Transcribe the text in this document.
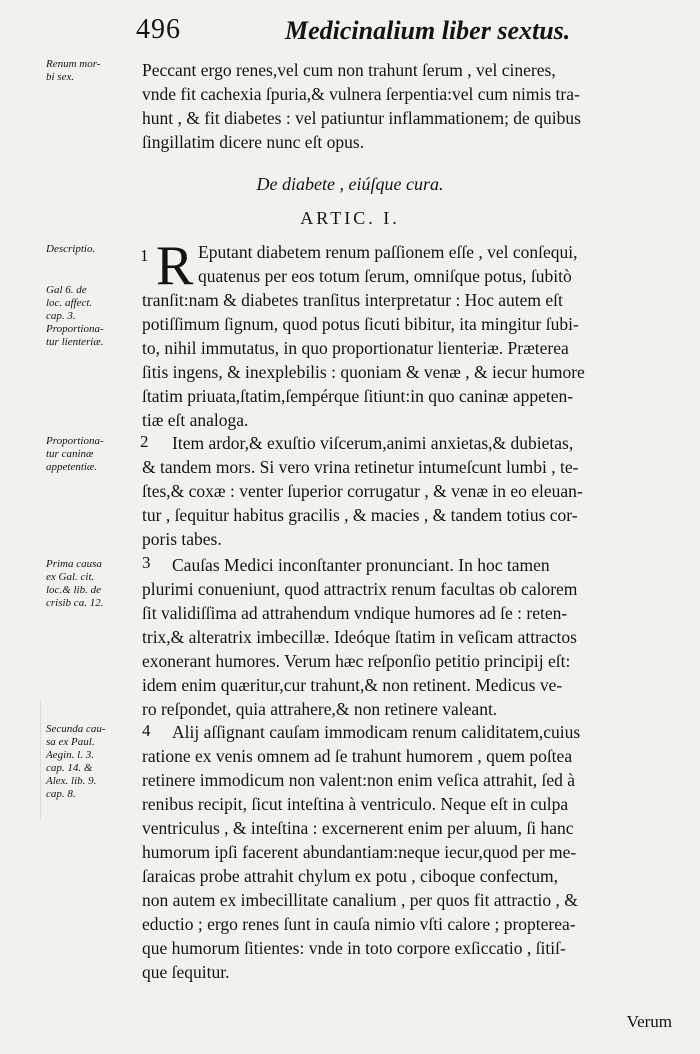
496	Medicinalium liber sextus.
Renum mor-
bi sex.
Descriptio.
Gal 6. de
loc. affect.
cap. 3.
Proportiona-
tur lienteriæ.
Proportiona-
tur caninæ
appetentiæ.
Prima causa
ex Gal. cit.
loc.& lib. de
crisib ca. 12.
Secunda cau-
sa ex Paul.
Aegin. l. 3.
cap. 14. &
Alex. lib. 9.
cap. 8.
Peccant ergo renes,vel cum non trahunt ſerum , vel cineres,
vnde fit cachexia ſpuria,& vulnera ſerpentia:vel cum nimis tra-
hunt , & fit diabetes : vel patiuntur inflammationem; de quibus
ſingillatim dicere nunc eſt opus.
Eputant diabetem renum paſſionem eſſe , vel conſequi,
quatenus per eos totum ſerum, omniſque potus, ſubitò
tranſit:nam & diabetes tranſitus interpretatur : Hoc autem eſt
potiſſimum ſignum, quod potus ſicuti bibitur, ita mingitur ſubi-
to, nihil immutatus, in quo proportionatur lienteriæ. Præterea
ſitis ingens, & inexplebilis : quoniam & venæ , & iecur humore
ſtatim priuata,ſtatim,ſempérque ſitiunt:in quo caninæ appeten-
tiæ eſt analoga.
Item ardor,& exuſtio viſcerum,animi anxietas,& dubietas,
& tandem mors. Si vero vrina retinetur intumeſcunt lumbi , te-
ſtes,& coxæ : venter ſuperior corrugatur , & venæ in eo eleuan-
tur , ſequitur habitus gracilis , & macies , & tandem totius cor-
poris tabes.
Cauſas Medici inconſtanter pronunciant. In hoc tamen
plurimi conueniunt, quod attractrix renum facultas ob calorem
ſit validiſſima ad attrahendum vndique humores ad ſe : reten-
trix,& alteratrix imbecillæ. Ideóque ſtatim in veſicam attractos
exonerant humores. Verum hæc reſponſio petitio principij eſt:
idem enim quæritur,cur trahunt,& non retinent. Medicus ve-
ro reſpondet, quia attrahere,& non retinere valeant.
Alij aſſignant cauſam immodicam renum caliditatem,cuius
ratione ex venis omnem ad ſe trahunt humorem , quem poſtea
retinere immodicum non valent:non enim veſica attrahit, ſed à
renibus recipit, ſicut inteſtina à ventriculo. Neque eſt in culpa
ventriculus , & inteſtina : excernerent enim per aluum, ſi hanc
humorum ipſi facerent abundantiam:neque iecur,quod per me-
ſaraicas probe attrahit chylum ex potu , ciboque confectum,
non autem ex imbecillitate canalium , per quos fit attractio , &
eductio ; ergo renes ſunt in cauſa nimio vſti calore ; propterea-
que humorum ſitientes: vnde in toto corpore exſiccatio , ſitiſ-
que ſequitur.
De diabete , eiúſque cura.
ARTIC. I.
1 R
2
3
4
Verum
